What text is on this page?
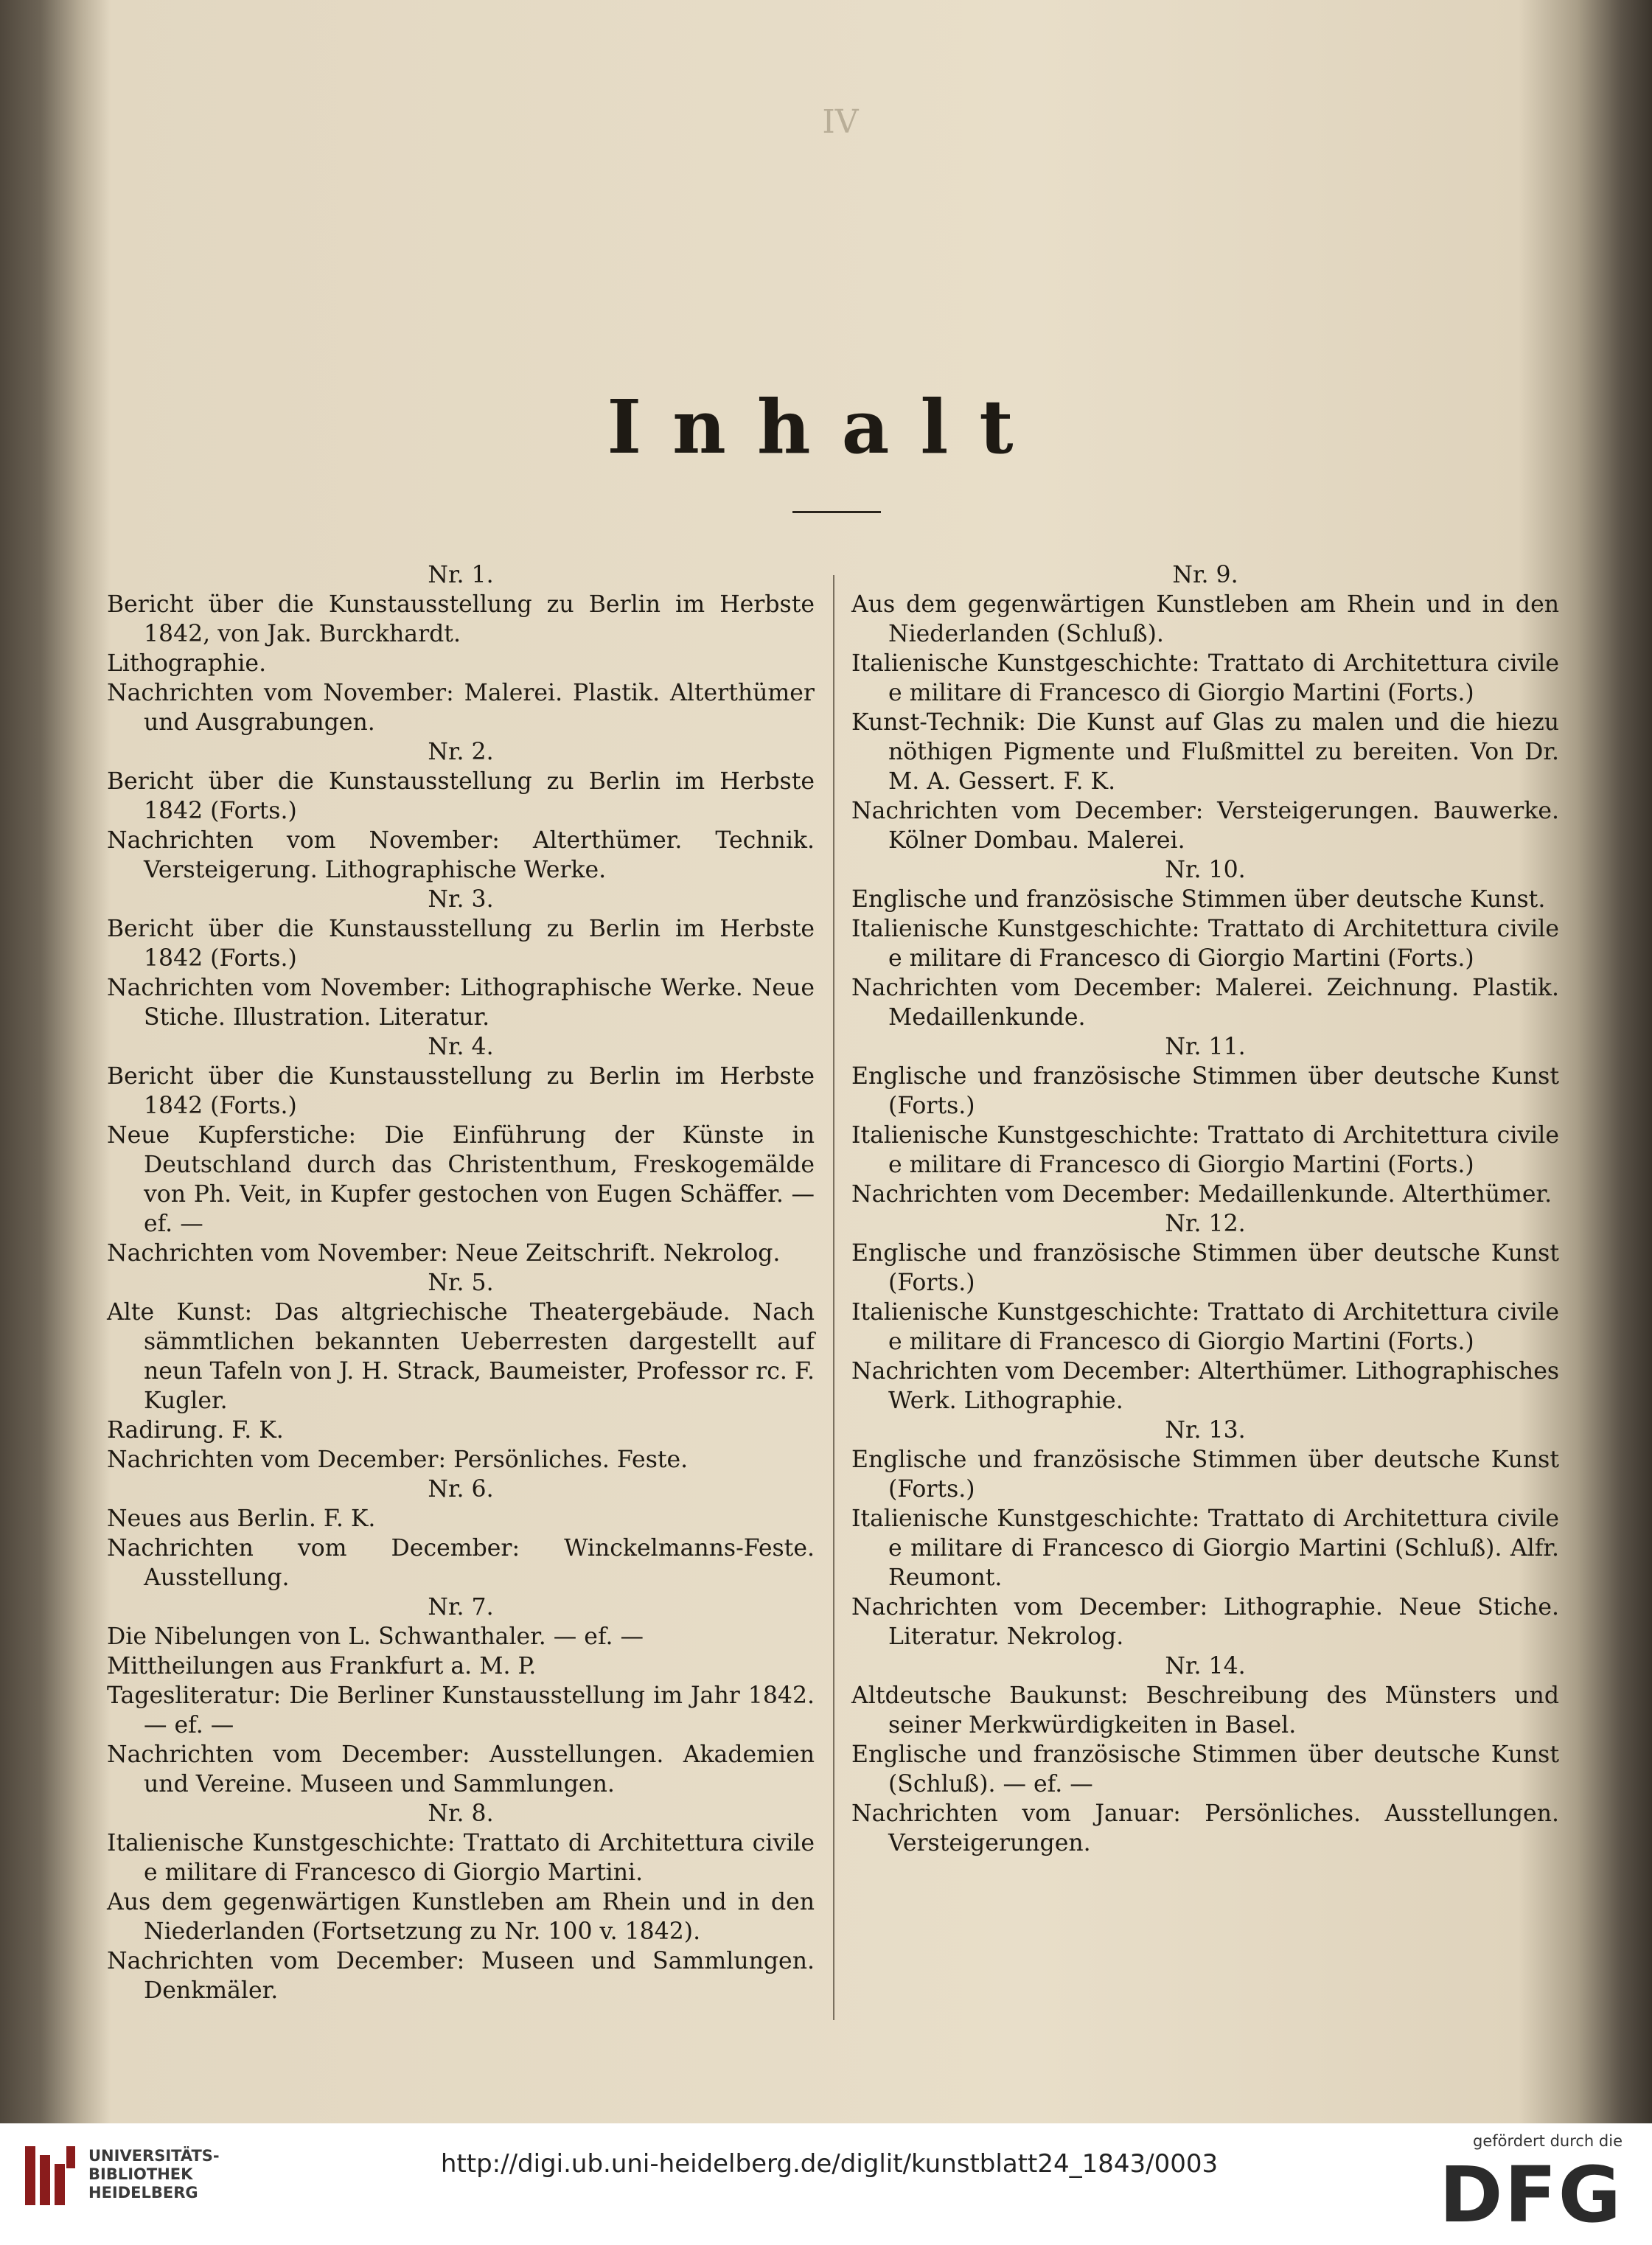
IV
Inhalt
Nr. 1.
Bericht über die Kunstausstellung zu Berlin im Herbste 1842, von Jak. Burckhardt.
Lithographie.
Nachrichten vom November: Malerei. Plastik. Alterthümer und Ausgrabungen.
Nr. 2.
Bericht über die Kunstausstellung zu Berlin im Herbste 1842 (Forts.)
Nachrichten vom November: Alterthümer. Technik. Versteigerung. Lithographische Werke.
Nr. 3.
Bericht über die Kunstausstellung zu Berlin im Herbste 1842 (Forts.)
Nachrichten vom November: Lithographische Werke. Neue Stiche. Illustration. Literatur.
Nr. 4.
Bericht über die Kunstausstellung zu Berlin im Herbste 1842 (Forts.)
Neue Kupferstiche: Die Einführung der Künste in Deutschland durch das Christenthum, Freskogemälde von Ph. Veit, in Kupfer gestochen von Eugen Schäffer. — ef. —
Nachrichten vom November: Neue Zeitschrift. Nekrolog.
Nr. 5.
Alte Kunst: Das altgriechische Theatergebäude. Nach sämmtlichen bekannten Ueberresten dargestellt auf neun Tafeln von J. H. Strack, Baumeister, Professor rc. F. Kugler.
Radirung. F. K.
Nachrichten vom December: Persönliches. Feste.
Nr. 6.
Neues aus Berlin. F. K.
Nachrichten vom December: Winckelmanns-Feste. Ausstellung.
Nr. 7.
Die Nibelungen von L. Schwanthaler. — ef. —
Mittheilungen aus Frankfurt a. M. P.
Tagesliteratur: Die Berliner Kunstausstellung im Jahr 1842. — ef. —
Nachrichten vom December: Ausstellungen. Akademien und Vereine. Museen und Sammlungen.
Nr. 8.
Italienische Kunstgeschichte: Trattato di Architettura civile e militare di Francesco di Giorgio Martini.
Aus dem gegenwärtigen Kunstleben am Rhein und in den Niederlanden (Fortsetzung zu Nr. 100 v. 1842).
Nachrichten vom December: Museen und Sammlungen. Denkmäler.
Nr. 9.
Aus dem gegenwärtigen Kunstleben am Rhein und in den Niederlanden (Schluß).
Italienische Kunstgeschichte: Trattato di Architettura civile e militare di Francesco di Giorgio Martini (Forts.)
Kunst-Technik: Die Kunst auf Glas zu malen und die hiezu nöthigen Pigmente und Flußmittel zu bereiten. Von Dr. M. A. Gessert. F. K.
Nachrichten vom December: Versteigerungen. Bauwerke. Kölner Dombau. Malerei.
Nr. 10.
Englische und französische Stimmen über deutsche Kunst.
Italienische Kunstgeschichte: Trattato di Architettura civile e militare di Francesco di Giorgio Martini (Forts.)
Nachrichten vom December: Malerei. Zeichnung. Plastik. Medaillenkunde.
Nr. 11.
Englische und französische Stimmen über deutsche Kunst (Forts.)
Italienische Kunstgeschichte: Trattato di Architettura civile e militare di Francesco di Giorgio Martini (Forts.)
Nachrichten vom December: Medaillenkunde. Alterthümer.
Nr. 12.
Englische und französische Stimmen über deutsche Kunst (Forts.)
Italienische Kunstgeschichte: Trattato di Architettura civile e militare di Francesco di Giorgio Martini (Forts.)
Nachrichten vom December: Alterthümer. Lithographisches Werk. Lithographie.
Nr. 13.
Englische und französische Stimmen über deutsche Kunst (Forts.)
Italienische Kunstgeschichte: Trattato di Architettura civile e militare di Francesco di Giorgio Martini (Schluß). Alfr. Reumont.
Nachrichten vom December: Lithographie. Neue Stiche. Literatur. Nekrolog.
Nr. 14.
Altdeutsche Baukunst: Beschreibung des Münsters und seiner Merkwürdigkeiten in Basel.
Englische und französische Stimmen über deutsche Kunst (Schluß). — ef. —
Nachrichten vom Januar: Persönliches. Ausstellungen. Versteigerungen.
UNIVERSITÄTS-
BIBLIOTHEK
HEIDELBERG
http://digi.ub.uni-heidelberg.de/diglit/kunstblatt24_1843/0003
gefördert durch die
DFG
